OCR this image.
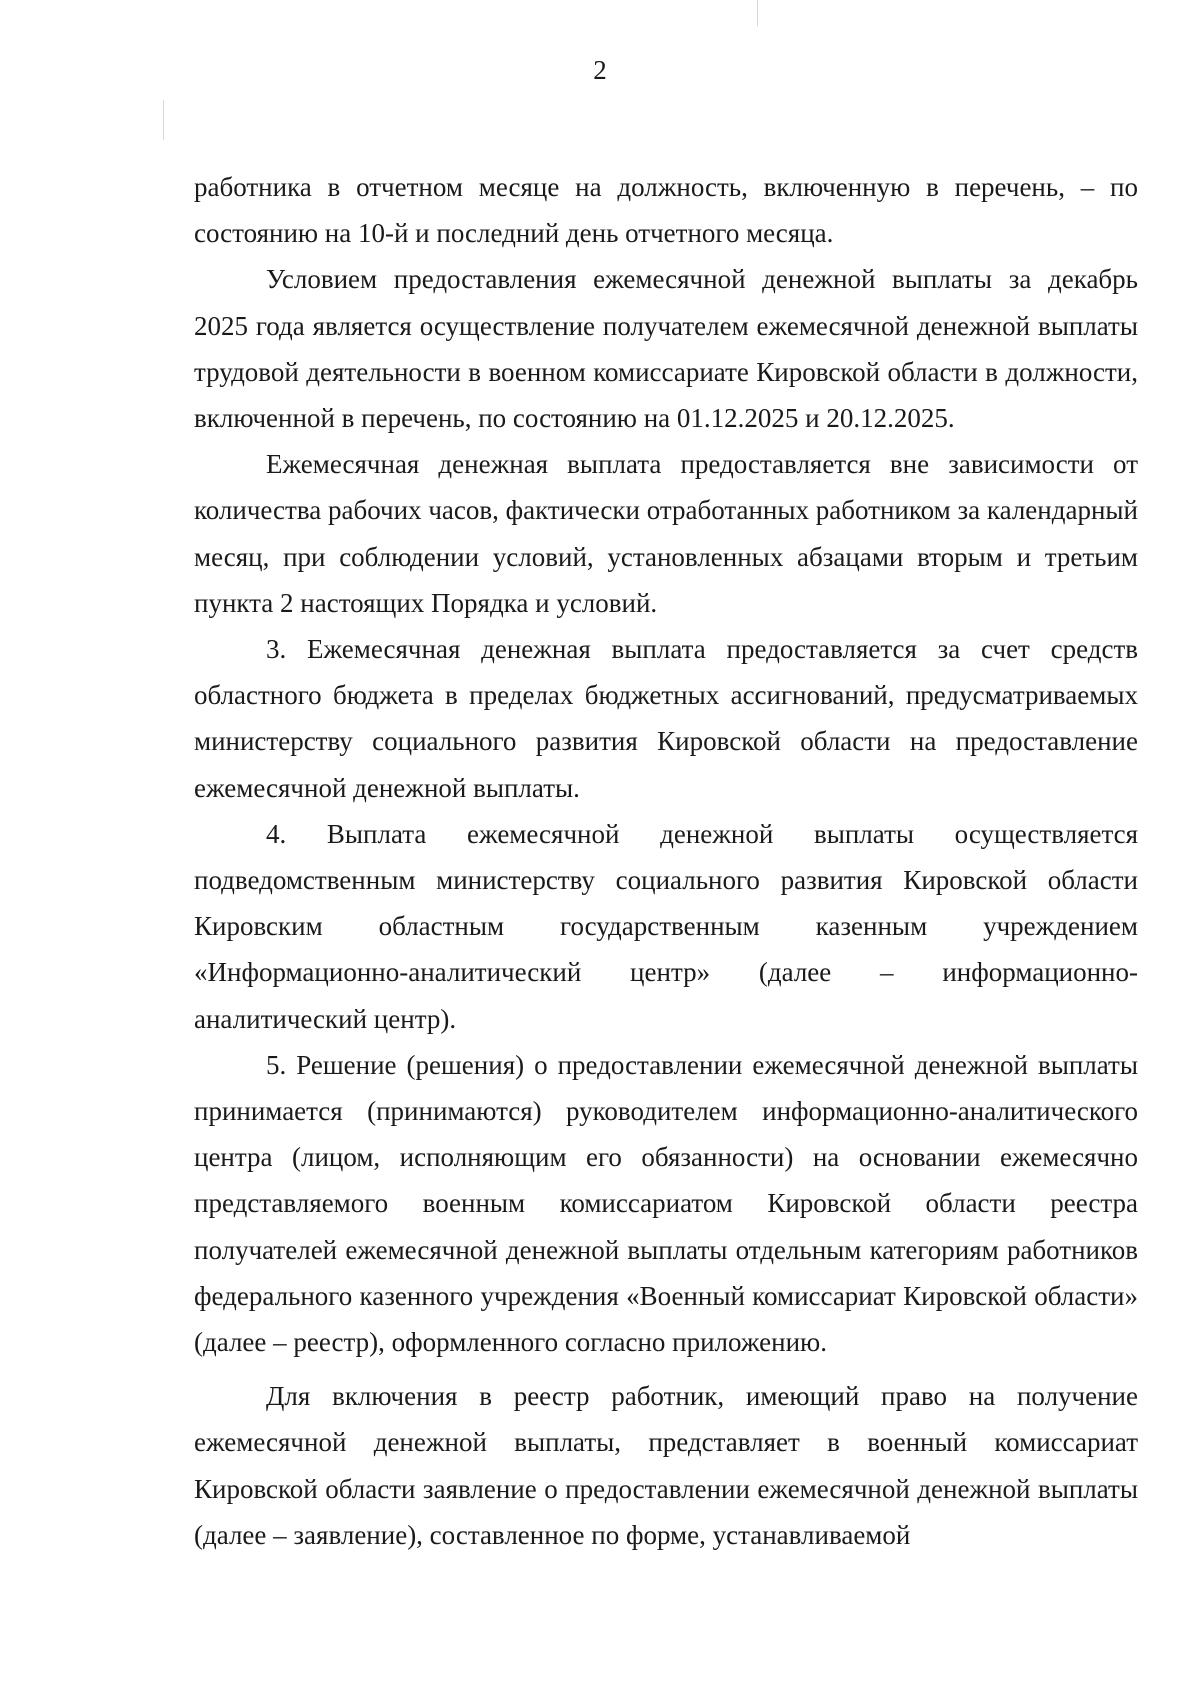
2

работника в отчетном месяце на должность, включенную в перечень, – по состоянию на 10-й и последний день отчетного месяца.

Условием предоставления ежемесячной денежной выплаты за декабрь 2025 года является осуществление получателем ежемесячной денежной выплаты трудовой деятельности в военном комиссариате Кировской области в должности, включенной в перечень, по состоянию на 01.12.2025 и 20.12.2025.

Ежемесячная денежная выплата предоставляется вне зависимости от количества рабочих часов, фактически отработанных работником за календарный месяц, при соблюдении условий, установленных абзацами вторым и третьим пункта 2 настоящих Порядка и условий.

3. Ежемесячная денежная выплата предоставляется за счет средств областного бюджета в пределах бюджетных ассигнований, предусматриваемых министерству социального развития Кировской области на предоставление ежемесячной денежной выплаты.

4. Выплата ежемесячной денежной выплаты осуществляется подведомственным министерству социального развития Кировской области Кировским областным государственным казенным учреждением «Информационно-аналитический центр» (далее – информационно-аналитический центр).

5. Решение (решения) о предоставлении ежемесячной денежной выплаты принимается (принимаются) руководителем информационно-аналитического центра (лицом, исполняющим его обязанности) на основании ежемесячно представляемого военным комиссариатом Кировской области реестра получателей ежемесячной денежной выплаты отдельным категориям работников федерального казенного учреждения «Военный комиссариат Кировской области» (далее – реестр), оформленного согласно приложению.

Для включения в реестр работник, имеющий право на получение ежемесячной денежной выплаты, представляет в военный комиссариат Кировской области заявление о предоставлении ежемесячной денежной выплаты (далее – заявление), составленное по форме, устанавливаемой
